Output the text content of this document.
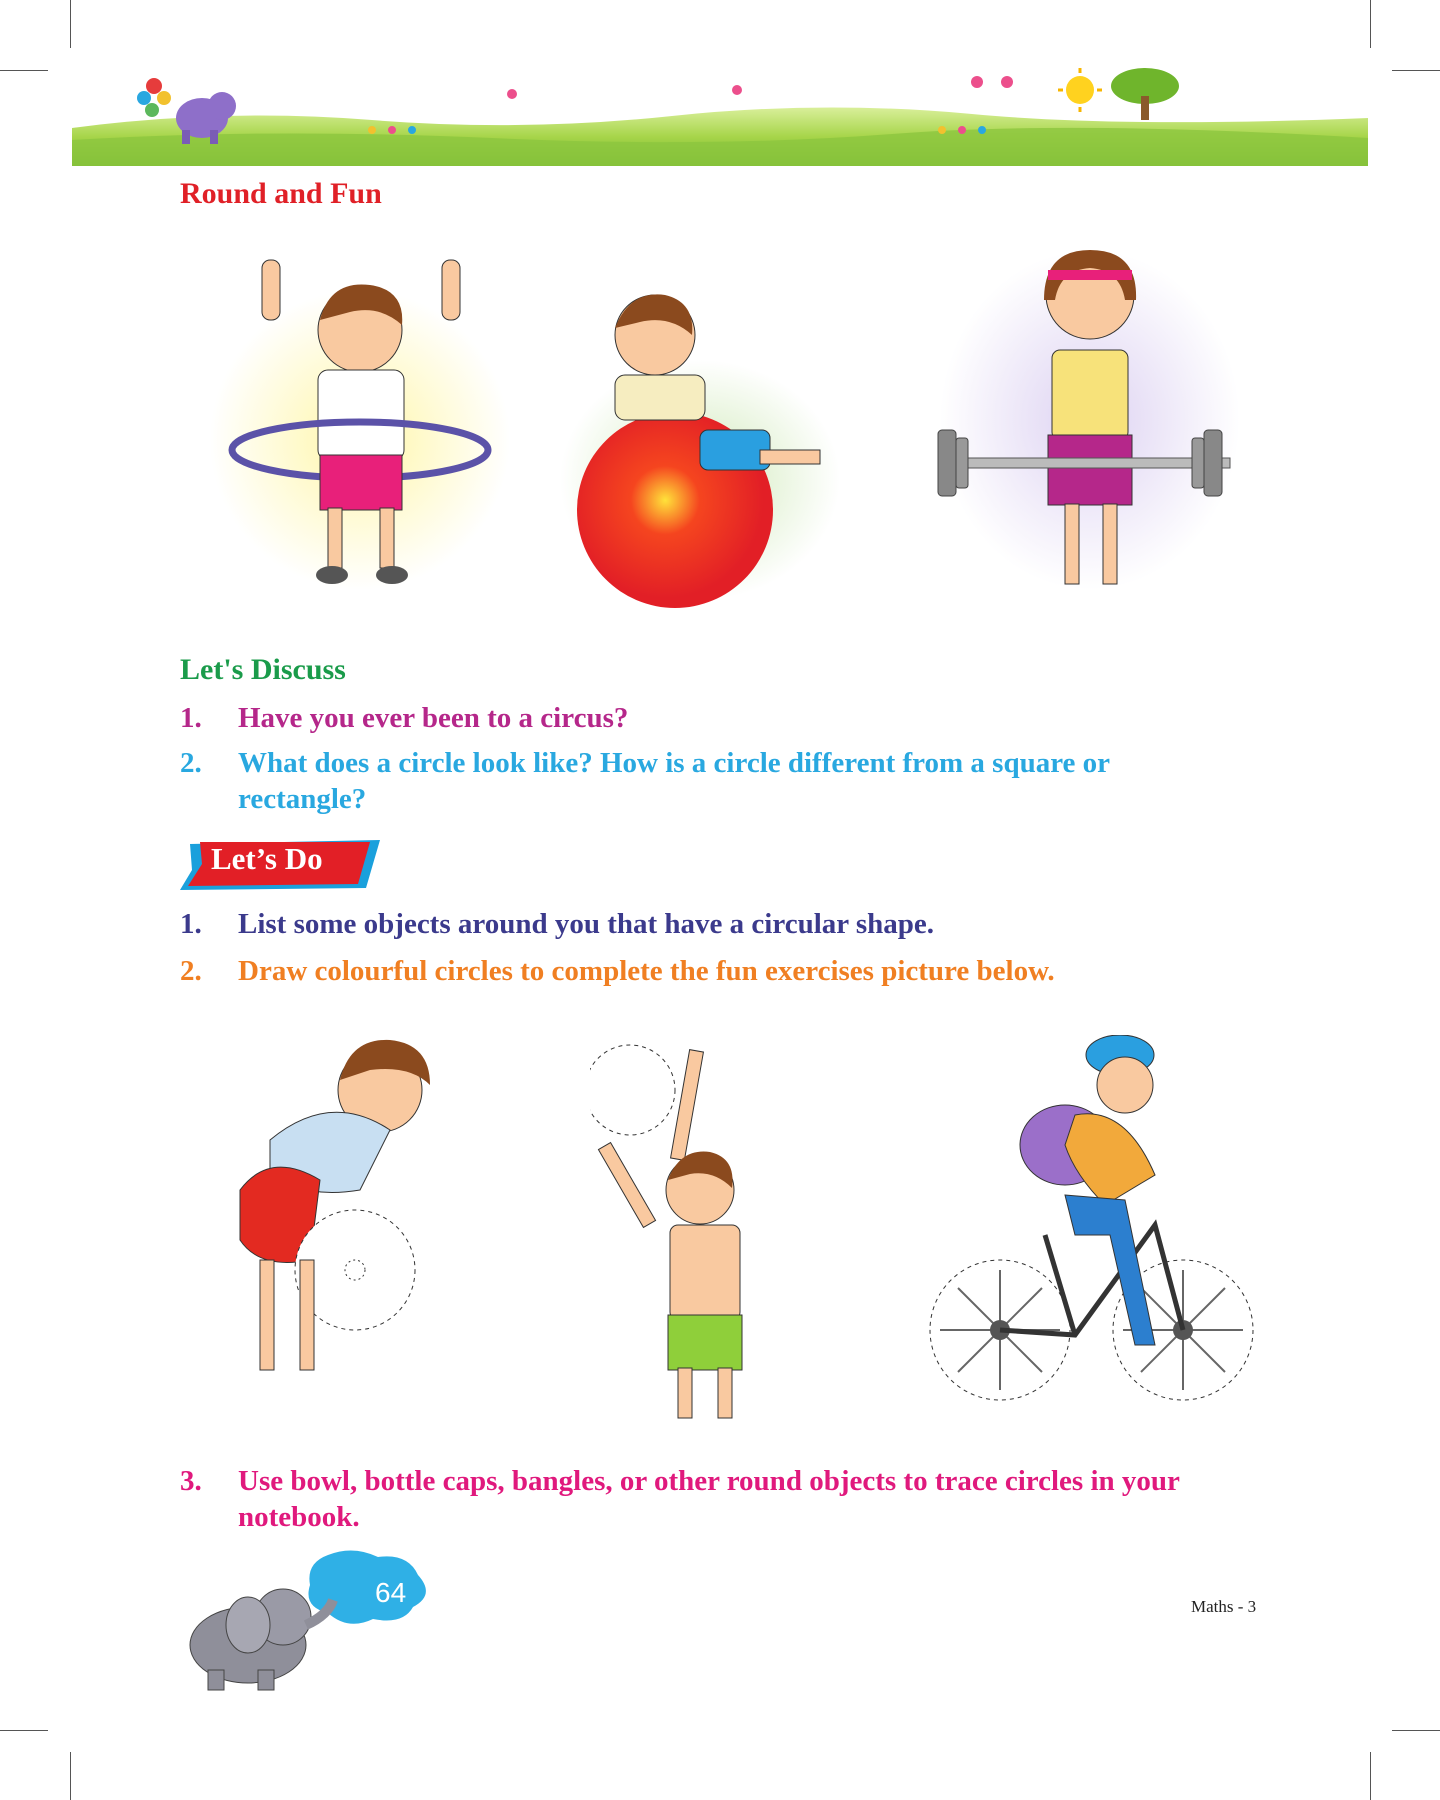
Round and Fun
Let's Discuss
1.	Have you ever been to a circus?
2.	What does a circle look like? How is a circle different from a square or rectangle?
Let’s Do
1.	List some objects around you that have a circular shape.
2.	Draw colourful circles to complete the fun exercises picture below.
3.	Use bowl, bottle caps, bangles, or other round objects to trace circles in your notebook.
64	Maths - 3
